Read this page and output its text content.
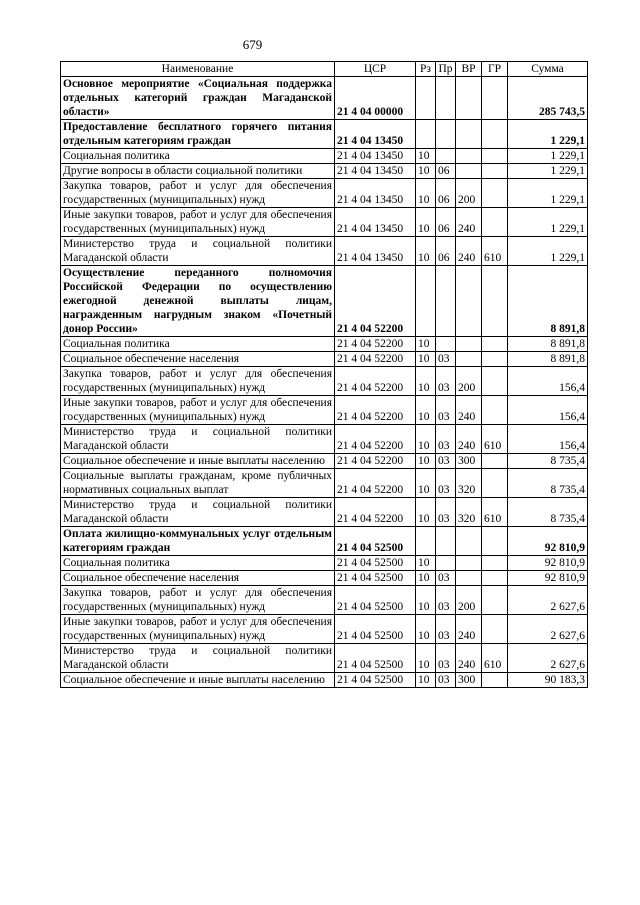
679
Наименование	ЦСР	Рз	Пр	ВР	ГР	Сумма
Основное мероприятие «Социальная поддержка отдельных категорий граждан Магаданской области»	21 4 04 00000					285 743,5
Предоставление бесплатного горячего питания отдельным категориям граждан	21 4 04 13450					1 229,1
Социальная политика	21 4 04 13450	10				1 229,1
Другие вопросы в области социальной политики	21 4 04 13450	10	06			1 229,1
Закупка товаров, работ и услуг для обеспечения государственных (муниципальных) нужд	21 4 04 13450	10	06	200		1 229,1
Иные закупки товаров, работ и услуг для обеспечения государственных (муниципальных) нужд	21 4 04 13450	10	06	240		1 229,1
Министерство труда и социальной политики Магаданской области	21 4 04 13450	10	06	240	610	1 229,1
Осуществление переданного полномочия Российской Федерации по осуществлению ежегодной денежной выплаты лицам, награжденным нагрудным знаком «Почетный донор России»	21 4 04 52200					8 891,8
Социальная политика	21 4 04 52200	10				8 891,8
Социальное обеспечение населения	21 4 04 52200	10	03			8 891,8
Закупка товаров, работ и услуг для обеспечения государственных (муниципальных) нужд	21 4 04 52200	10	03	200		156,4
Иные закупки товаров, работ и услуг для обеспечения государственных (муниципальных) нужд	21 4 04 52200	10	03	240		156,4
Министерство труда и социальной политики Магаданской области	21 4 04 52200	10	03	240	610	156,4
Социальное обеспечение и иные выплаты населению	21 4 04 52200	10	03	300		8 735,4
Социальные выплаты гражданам, кроме публичных нормативных социальных выплат	21 4 04 52200	10	03	320		8 735,4
Министерство труда и социальной политики Магаданской области	21 4 04 52200	10	03	320	610	8 735,4
Оплата жилищно-коммунальных услуг отдельным категориям граждан	21 4 04 52500					92 810,9
Социальная политика	21 4 04 52500	10				92 810,9
Социальное обеспечение населения	21 4 04 52500	10	03			92 810,9
Закупка товаров, работ и услуг для обеспечения государственных (муниципальных) нужд	21 4 04 52500	10	03	200		2 627,6
Иные закупки товаров, работ и услуг для обеспечения государственных (муниципальных) нужд	21 4 04 52500	10	03	240		2 627,6
Министерство труда и социальной политики Магаданской области	21 4 04 52500	10	03	240	610	2 627,6
Социальное обеспечение и иные выплаты населению	21 4 04 52500	10	03	300		90 183,3
